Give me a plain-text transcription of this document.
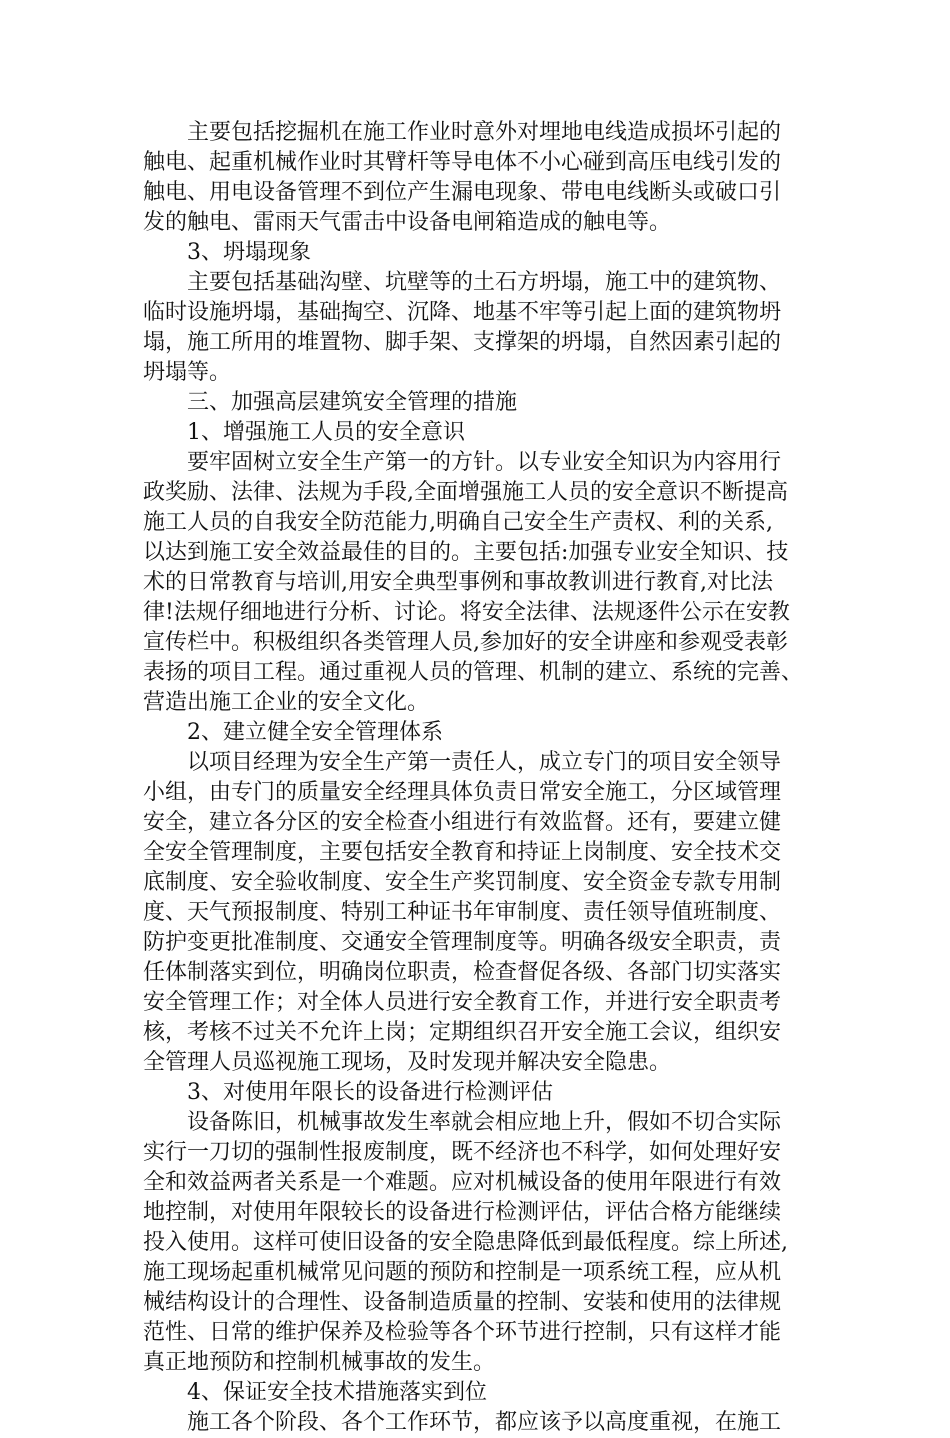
主要包括挖掘机在施工作业时意外对埋地电线造成损坏引起的
触电、起重机械作业时其臂杆等导电体不小心碰到高压电线引发的
触电、用电设备管理不到位产生漏电现象、带电电线断头或破口引
发的触电、雷雨天气雷击中设备电闸箱造成的触电等。
3、坍塌现象
主要包括基础沟壁、坑壁等的土石方坍塌，施工中的建筑物、
临时设施坍塌，基础掏空、沉降、地基不牢等引起上面的建筑物坍
塌，施工所用的堆置物、脚手架、支撑架的坍塌，自然因素引起的
坍塌等。
三、加强高层建筑安全管理的措施
1、增强施工人员的安全意识
要牢固树立安全生产第一的方针。以专业安全知识为内容用行
政奖励、法律、法规为手段,全面增强施工人员的安全意识不断提高
施工人员的自我安全防范能力,明确自己安全生产责权、利的关系,
以达到施工安全效益最佳的目的。主要包括:加强专业安全知识、技
术的日常教育与培训,用安全典型事例和事故教训进行教育,对比法
律!法规仔细地进行分析、讨论。将安全法律、法规逐件公示在安教
宣传栏中。积极组织各类管理人员,参加好的安全讲座和参观受表彰
表扬的项目工程。通过重视人员的管理、机制的建立、系统的完善、
营造出施工企业的安全文化。
2、建立健全安全管理体系
以项目经理为安全生产第一责任人，成立专门的项目安全领导
小组，由专门的质量安全经理具体负责日常安全施工，分区域管理
安全，建立各分区的安全检查小组进行有效监督。还有，要建立健
全安全管理制度，主要包括安全教育和持证上岗制度、安全技术交
底制度、安全验收制度、安全生产奖罚制度、安全资金专款专用制
度、天气预报制度、特别工种证书年审制度、责任领导值班制度、
防护变更批准制度、交通安全管理制度等。明确各级安全职责，责
任体制落实到位，明确岗位职责，检查督促各级、各部门切实落实
安全管理工作；对全体人员进行安全教育工作，并进行安全职责考
核，考核不过关不允许上岗；定期组织召开安全施工会议，组织安
全管理人员巡视施工现场，及时发现并解决安全隐患。
3、对使用年限长的设备进行检测评估
设备陈旧，机械事故发生率就会相应地上升，假如不切合实际
实行一刀切的强制性报废制度，既不经济也不科学，如何处理好安
全和效益两者关系是一个难题。应对机械设备的使用年限进行有效
地控制，对使用年限较长的设备进行检测评估，评估合格方能继续
投入使用。这样可使旧设备的安全隐患降低到最低程度。综上所述,
施工现场起重机械常见问题的预防和控制是一项系统工程，应从机
械结构设计的合理性、设备制造质量的控制、安装和使用的法律规
范性、日常的维护保养及检验等各个环节进行控制，只有这样才能
真正地预防和控制机械事故的发生。
4、保证安全技术措施落实到位
施工各个阶段、各个工作环节，都应该予以高度重视，在施工
